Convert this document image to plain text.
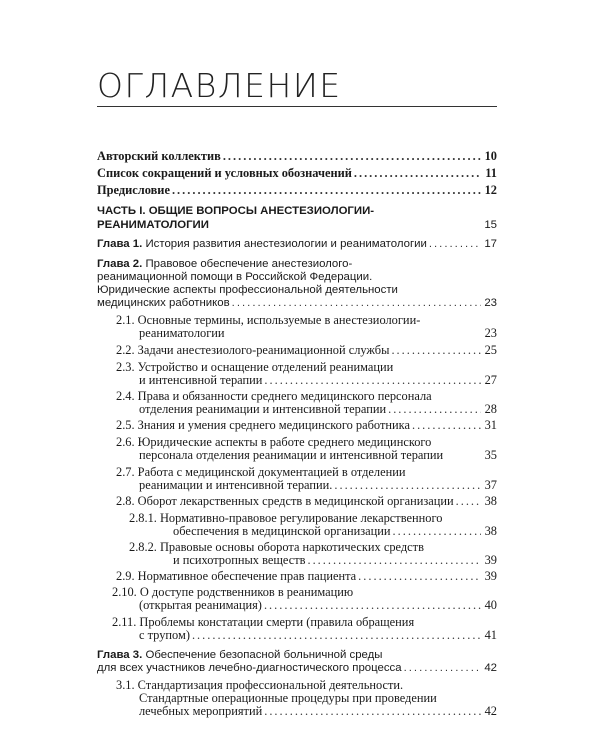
ОГЛАВЛЕНИЕ
Авторский коллектив .....	10
Список сокращений и условных обозначений .....	11
Предисловие .....	12
ЧАСТЬ I. ОБЩИЕ ВОПРОСЫ АНЕСТЕЗИОЛОГИИ-
РЕАНИМАТОЛОГИИ	15
Глава 1. История развития анестезиологии и реаниматологии .....	17
Глава 2. Правовое обеспечение анестезиолого-
реанимационной помощи в Российской Федерации.
Юридические аспекты профессиональной деятельности
медицинских работников .....	23
2.1. Основные термины, используемые в анестезиологии-
реаниматологии	23
2.2. Задачи анестезиолого-реанимационной службы .....	25
2.3. Устройство и оснащение отделений реанимации
и интенсивной терапии .....	27
2.4. Права и обязанности среднего медицинского персонала
отделения реанимации и интенсивной терапии .....	28
2.5. Знания и умения среднего медицинского работника .....	31
2.6. Юридические аспекты в работе среднего медицинского
персонала отделения реанимации и интенсивной терапии	35
2.7. Работа с медицинской документацией в отделении
реанимации и интенсивной терапии. .....	37
2.8. Оборот лекарственных средств в медицинской организации ..... 38
2.8.1. Нормативно-правовое регулирование лекарственного
обеспечения в медицинской организации .....	38
2.8.2. Правовые основы оборота наркотических средств
и психотропных веществ .....	39
2.9. Нормативное обеспечение прав пациента .....	39
2.10. О доступе родственников в реанимацию
(открытая реанимация) .....	40
2.11. Проблемы констатации смерти (правила обращения
с трупом) .....	41
Глава 3. Обеспечение безопасной больничной среды
для всех участников лечебно-диагностического процесса .....	42
3.1. Стандартизация профессиональной деятельности.
Стандартные операционные процедуры при проведении
лечебных мероприятий .....	42
